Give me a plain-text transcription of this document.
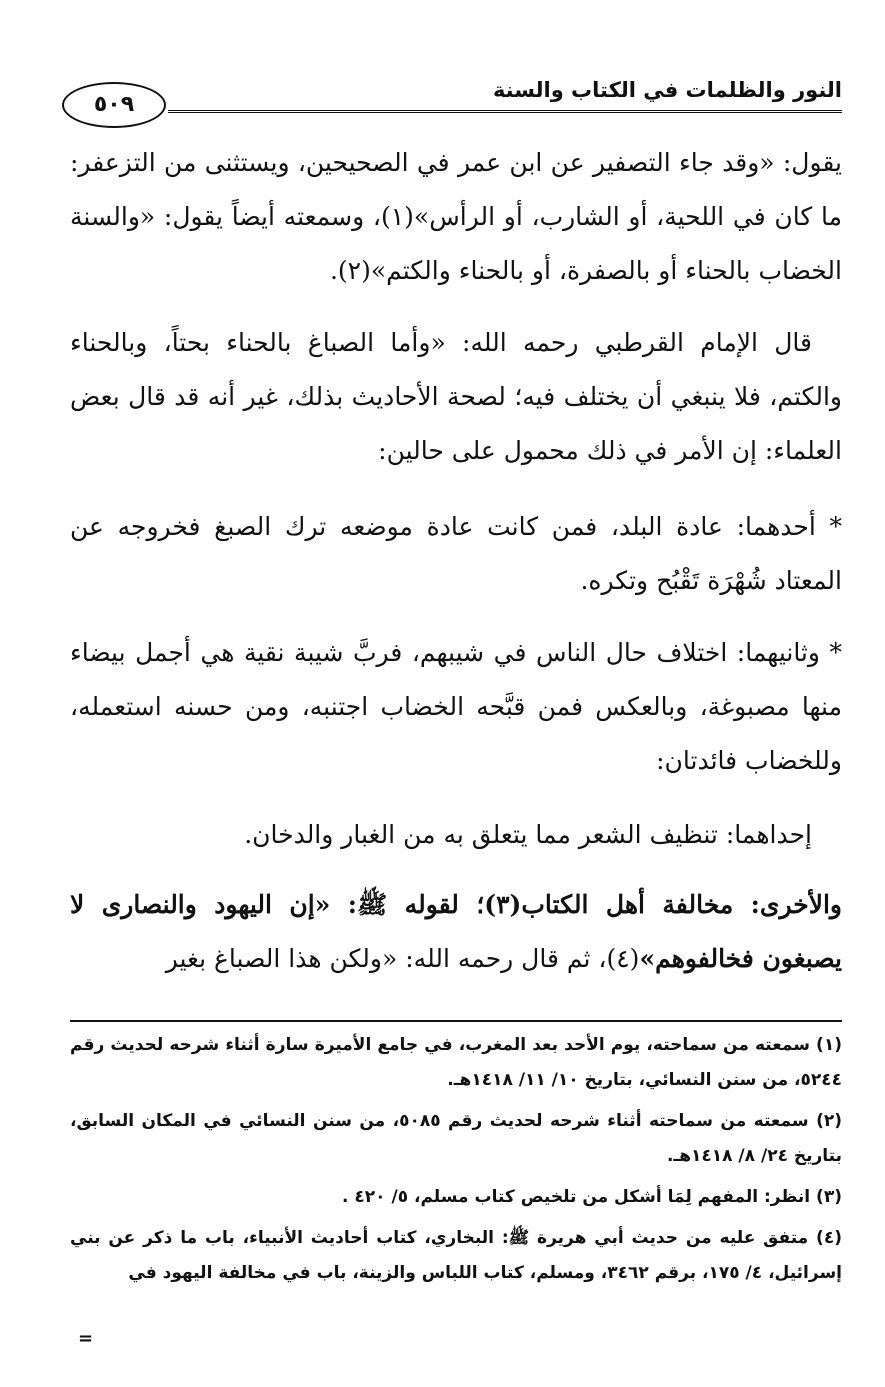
النور والظلمات في الكتاب والسنة
٥٠٩

يقول: «وقد جاء التصفير عن ابن عمر في الصحيحين، ويستثنى من التزعفر: ما كان في اللحية، أو الشارب، أو الرأس»(١)، وسمعته أيضاً يقول: «والسنة الخضاب بالحناء أو بالصفرة، أو بالحناء والكتم»(٢).

قال الإمام القرطبي رحمه الله: «وأما الصباغ بالحناء بحتاً، وبالحناء والكتم، فلا ينبغي أن يختلف فيه؛ لصحة الأحاديث بذلك، غير أنه قد قال بعض العلماء: إن الأمر في ذلك محمول على حالين:

* أحدهما: عادة البلد، فمن كانت عادة موضعه ترك الصبغ فخروجه عن المعتاد شُهْرَة تَقْبُح وتكره.

* وثانيهما: اختلاف حال الناس في شيبهم، فربَّ شيبة نقية هي أجمل بيضاء منها مصبوغة، وبالعكس فمن قبَّحه الخضاب اجتنبه، ومن حسنه استعمله، وللخضاب فائدتان:

إحداهما: تنظيف الشعر مما يتعلق به من الغبار والدخان.

والأخرى: مخالفة أهل الكتاب(٣)؛ لقوله ﷺ: «إن اليهود والنصارى لا يصبغون فخالفوهم»(٤)، ثم قال رحمه الله: «ولكن هذا الصباغ بغير

(١) سمعته من سماحته، يوم الأحد بعد المغرب، في جامع الأميرة سارة أثناء شرحه لحديث رقم ٥٢٤٤، من سنن النسائي، بتاريخ ١٠/ ١١/ ١٤١٨هـ.

(٢) سمعته من سماحته أثناء شرحه لحديث رقم ٥٠٨٥، من سنن النسائي في المكان السابق، بتاريخ ٢٤/ ٨/ ١٤١٨هـ.

(٣) انظر: المفهم لِمَا أشكل من تلخيص كتاب مسلم، ٥/ ٤٢٠ .

(٤) متفق عليه من حديث أبي هريرة ﷺ: البخاري، كتاب أحاديث الأنبياء، باب ما ذكر عن بني إسرائيل، ٤/ ١٧٥، برقم ٣٤٦٢، ومسلم، كتاب اللباس والزينة، باب في مخالفة اليهود في

=
